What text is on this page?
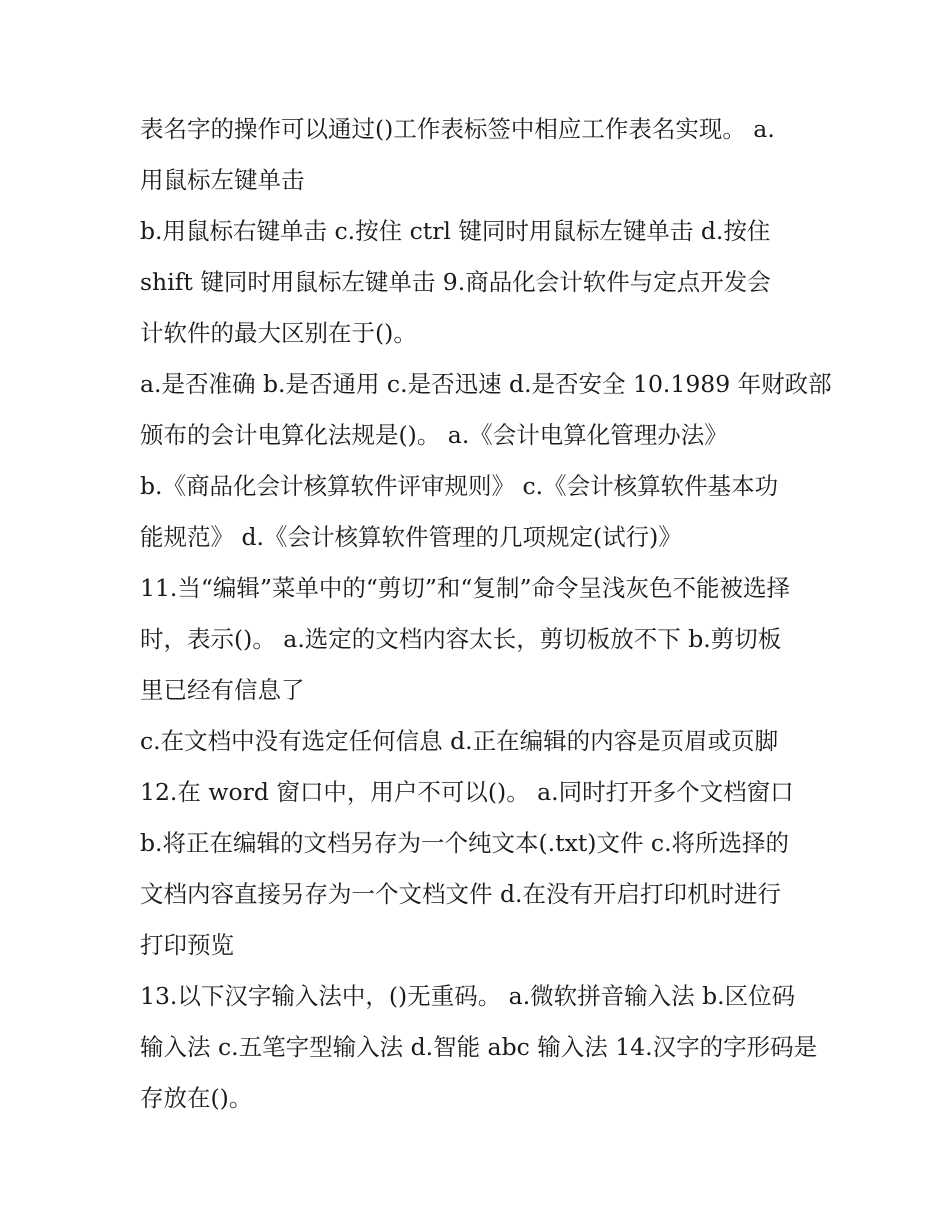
表名字的操作可以通过()工作表标签中相应工作表名实现。 a.

用鼠标左键单击

b.用鼠标右键单击 c.按住 ctrl 键同时用鼠标左键单击 d.按住

shift 键同时用鼠标左键单击 9.商品化会计软件与定点开发会

计软件的最大区别在于()。

a.是否准确 b.是否通用 c.是否迅速 d.是否安全 10.1989 年财政部

颁布的会计电算化法规是()。 a.《会计电算化管理办法》

b.《商品化会计核算软件评审规则》 c.《会计核算软件基本功

能规范》 d.《会计核算软件管理的几项规定(试行)》

11.当“编辑”菜单中的“剪切”和“复制”命令呈浅灰色不能被选择

时，表示()。 a.选定的文档内容太长，剪切板放不下 b.剪切板

里已经有信息了

c.在文档中没有选定任何信息 d.正在编辑的内容是页眉或页脚

12.在 word 窗口中，用户不可以()。 a.同时打开多个文档窗口

b.将正在编辑的文档另存为一个纯文本(.txt)文件 c.将所选择的

文档内容直接另存为一个文档文件 d.在没有开启打印机时进行

打印预览

13.以下汉字输入法中，()无重码。 a.微软拼音输入法 b.区位码

输入法 c.五笔字型输入法 d.智能 abc 输入法 14.汉字的字形码是

存放在()。
